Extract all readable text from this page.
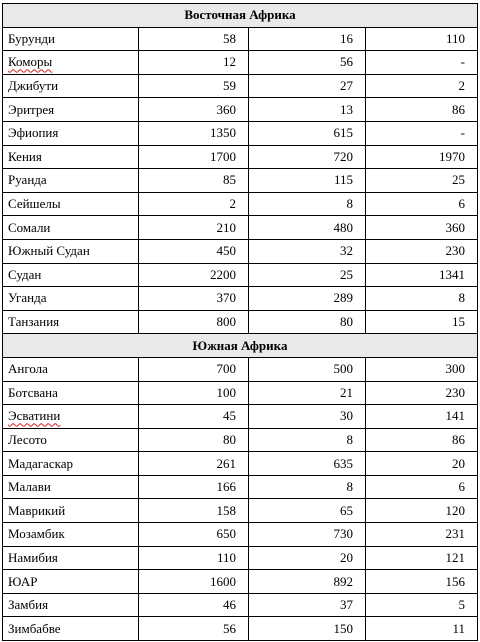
Восточная Африка			
Бурунди	58	16	110
Коморы	12	56	-
Джибути	59	27	2
Эритрея	360	13	86
Эфиопия	1350	615	-
Кения	1700	720	1970
Руанда	85	115	25
Сейшелы	2	8	6
Сомали	210	480	360
Южный Судан	450	32	230
Судан	2200	25	1341
Уганда	370	289	8
Танзания	800	80	15
Южная Африка			
Ангола	700	500	300
Ботсвана	100	21	230
Эсватини	45	30	141
Лесото	80	8	86
Мадагаскар	261	635	20
Малави	166	8	6
Маврикий	158	65	120
Мозамбик	650	730	231
Намибия	110	20	121
ЮАР	1600	892	156
Замбия	46	37	5
Зимбабве	56	150	11
